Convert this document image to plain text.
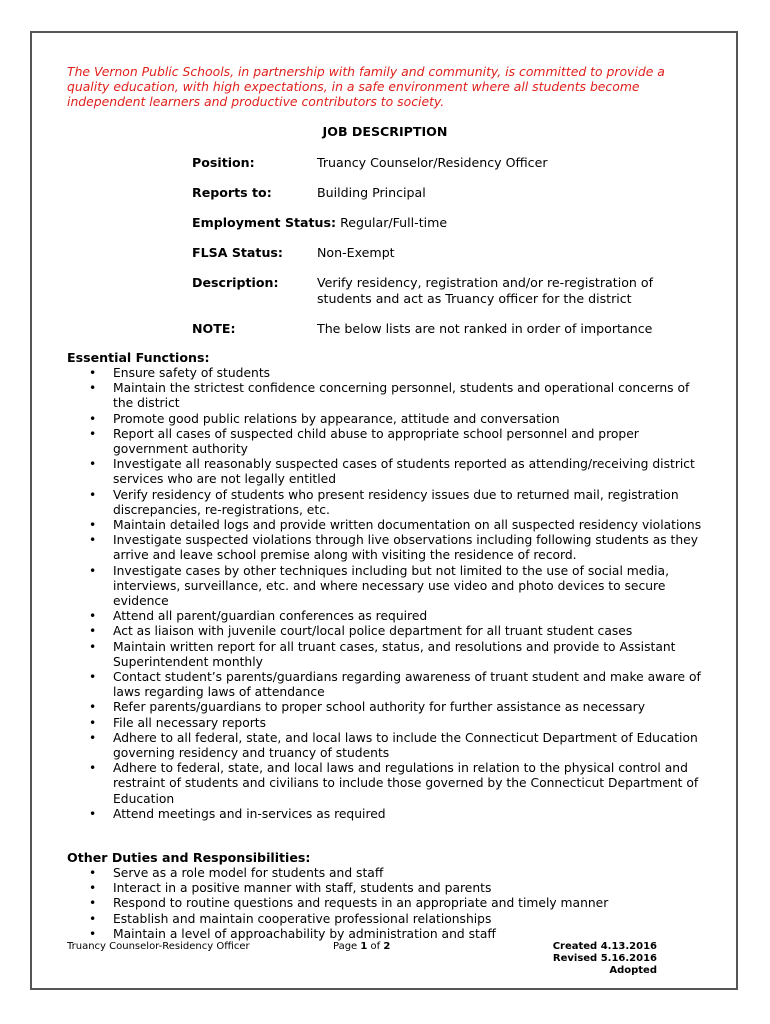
The Vernon Public Schools, in partnership with family and community, is committed to provide a quality education, with high expectations, in a safe environment where all students become independent learners and productive contributors to society.

JOB DESCRIPTION
Position:	Truancy Counselor/Residency Officer
Reports to:	Building Principal
Employment Status: Regular/Full-time
FLSA Status:	Non-Exempt
Description:	Verify residency, registration and/or re-registration of students and act as Truancy officer for the district
NOTE:	The below lists are not ranked in order of importance
Essential Functions:
• Ensure safety of students
• Maintain the strictest confidence concerning personnel, students and operational concerns of the district
• Promote good public relations by appearance, attitude and conversation
• Report all cases of suspected child abuse to appropriate school personnel and proper government authority
• Investigate all reasonably suspected cases of students reported as attending/receiving district services who are not legally entitled
• Verify residency of students who present residency issues due to returned mail, registration discrepancies, re-registrations, etc.
• Maintain detailed logs and provide written documentation on all suspected residency violations
• Investigate suspected violations through live observations including following students as they arrive and leave school premise along with visiting the residence of record.
• Investigate cases by other techniques including but not limited to the use of social media, interviews, surveillance, etc. and where necessary use video and photo devices to secure evidence
• Attend all parent/guardian conferences as required
• Act as liaison with juvenile court/local police department for all truant student cases
• Maintain written report for all truant cases, status, and resolutions and provide to Assistant Superintendent monthly
• Contact student’s parents/guardians regarding awareness of truant student and make aware of laws regarding laws of attendance
• Refer parents/guardians to proper school authority for further assistance as necessary
• File all necessary reports
• Adhere to all federal, state, and local laws to include the Connecticut Department of Education governing residency and truancy of students
• Adhere to federal, state, and local laws and regulations in relation to the physical control and restraint of students and civilians to include those governed by the Connecticut Department of Education
• Attend meetings and in-services as required
Other Duties and Responsibilities:
• Serve as a role model for students and staff
• Interact in a positive manner with staff, students and parents
• Respond to routine questions and requests in an appropriate and timely manner
• Establish and maintain cooperative professional relationships
• Maintain a level of approachability by administration and staff
Truancy Counselor-Residency Officer	Page 1 of 2	Created 4.13.2016
Revised 5.16.2016
Adopted
